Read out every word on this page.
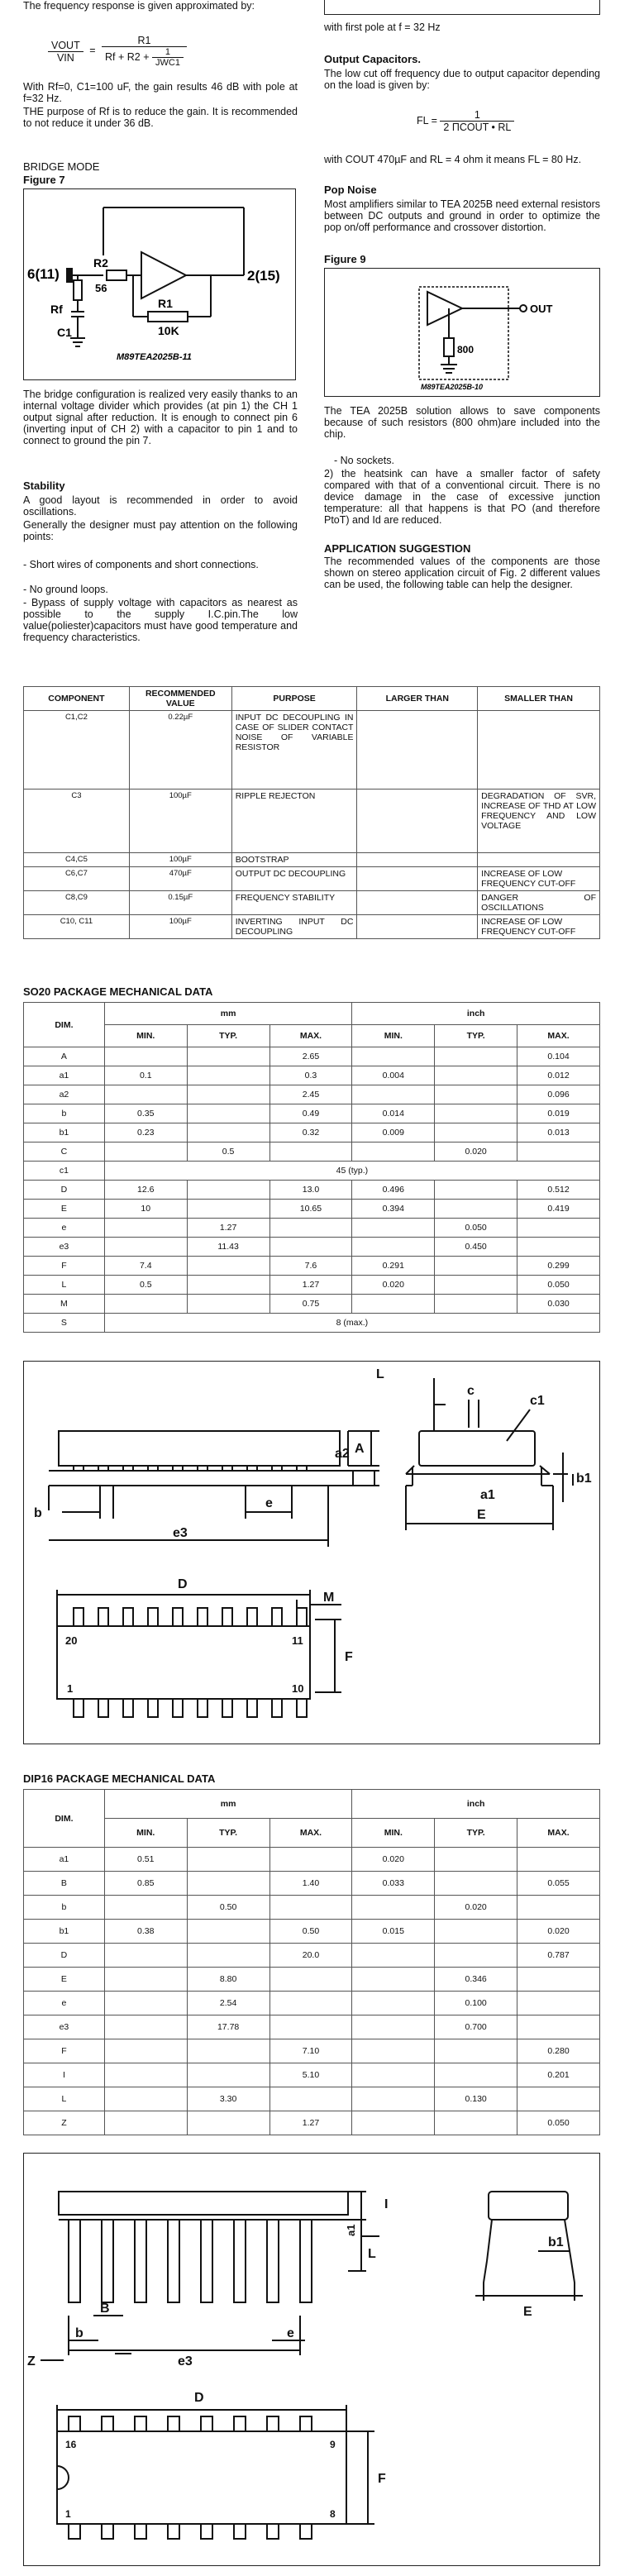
The frequency response is given approximated by:

$\frac{\text{VOUT}}{\text{VIN}} = \frac{R1}{Rf + R2 + \frac{1}{\text{JWC1}}}$

With Rf=0, C1=100 uF, the gain results 46 dB with pole at f=32 Hz.

THE purpose of Rf is to reduce the gain. It is recommended to not reduce it under 36 dB.

BRIDGE MODE

Figure 7

6(11)
Rf
C1
R2
56
2(15)
R1
10K
M89TEA2025B-11

The bridge configuration is realized very easily thanks to an internal voltage divider which provides (at pin 1) the CH 1 output signal after reduction. It is enough to connect pin 6 (inverting input of CH 2) with a capacitor to pin 1 and to connect to ground the pin 7.

Stability

A good layout is recommended in order to avoid oscillations.

Generally the designer must pay attention on the following points:

- Short wires of components and short connections.

- No ground loops.

- Bypass of supply voltage with capacitors as nearest as possible to the supply I.C.pin.The low value(poliester)capacitors must have good temperature and frequency characteristics.

with first pole at f = 32 Hz

Output Capacitors.

The low cut off frequency due to output capacitor depending on the load is given by:

FL = $\frac{1}{\text{2 ΠCOUT • RL}}$

with COUT 470µF and RL = 4 ohm it means FL = 80 Hz.

Pop Noise

Most amplifiers similar to TEA 2025B need external resistors between DC outputs and ground in order to optimize the pop on/off performance and crossover distortion.

Figure 9

OUT
800
M89TEA2025B-10

The TEA 2025B solution allows to save components because of such resistors (800 ohm)are included into the chip.

- No sockets.

2) the heatsink can have a smaller factor of safety compared with that of a conventional circuit. There is no device damage in the case of excessive junction temperature: all that happens is that PO (and therefore PtoT) and Id are reduced.

APPLICATION SUGGESTION

The recommended values of the components are those shown on stereo application circuit of Fig. 2 different values can be used, the following table can help the designer.

COMPONENT	RECOMMENDED VALUE	PURPOSE	LARGER THAN	SMALLER THAN
C1,C2	0.22µF	INPUT DC DECOUPLING IN CASE OF SLIDER CONTACT NOISE OF VARIABLE RESISTOR		
C3	100µF	RIPPLE REJECTON		DEGRADATION OF SVR, INCREASE OF THD AT LOW FREQUENCY AND LOW VOLTAGE
C4,C5	100µF	BOOTSTRAP		
C6,C7	470µF	OUTPUT DC DECOUPLING		INCREASE OF LOW FREQUENCY CUT-OFF
C8,C9	0.15µF	FREQUENCY STABILITY		DANGER OF OSCILLATIONS
C10, C11	100µF	INVERTING INPUT DC DECOUPLING		INCREASE OF LOW FREQUENCY CUT-OFF
SO20 PACKAGE MECHANICAL DATA
DIM.	mm			inch		
	MIN.	TYP.	MAX.	MIN.	TYP.	MAX.
A			2.65			0.104
a1	0.1		0.3	0.004		0.012
a2			2.45			0.096
b	0.35		0.49	0.014		0.019
b1	0.23		0.32	0.009		0.013
C		0.5			0.020	
c1	45 (typ.)					
D	12.6		13.0	0.496		0.512
E	10		10.65	0.394		0.419
e		1.27			0.050	
e3		11.43			0.450	
F	7.4		7.6	0.291		0.299
L	0.5		1.27	0.020		0.050
M			0.75			0.030
S	8 (max.)					
L
c
c1
a2 A
a1
b1
b
e
e3
E
D
M
20	11
1	10
F
DIP16 PACKAGE MECHANICAL DATA
DIM.	mm			inch		
	MIN.	TYP.	MAX.	MIN.	TYP.	MAX.
a1	0.51			0.020		
B	0.85		1.40	0.033		0.055
b		0.50			0.020	
b1	0.38		0.50	0.015		0.020
D			20.0			0.787
E		8.80			0.346	
e		2.54			0.100	
e3		17.78			0.700	
F			7.10			0.280
I			5.10			0.201
L		3.30			0.130	
Z			1.27			0.050
I
a1
L
Z
b
B
e
e3
b1
E
D
16	9
1	8
F
